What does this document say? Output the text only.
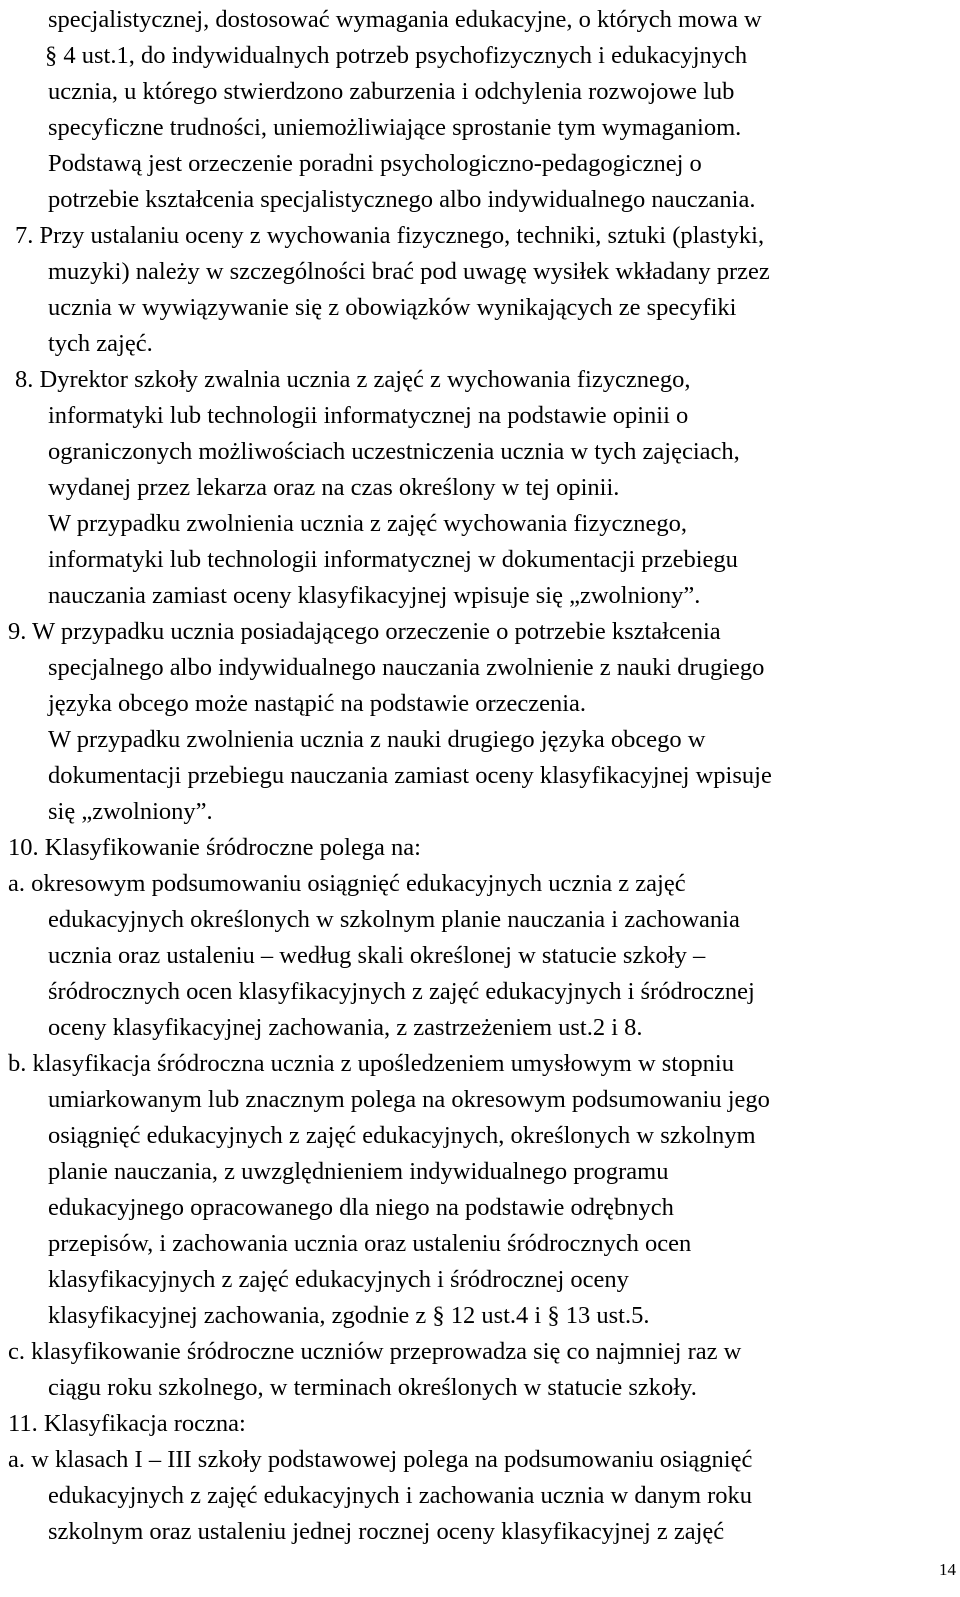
specjalistycznej, dostosować wymagania edukacyjne, o których mowa w
§ 4 ust.1, do indywidualnych potrzeb psychofizycznych i edukacyjnych
ucznia, u którego stwierdzono zaburzenia i odchylenia rozwojowe lub
specyficzne trudności, uniemożliwiające sprostanie tym wymaganiom.
Podstawą jest orzeczenie poradni psychologiczno-pedagogicznej o
potrzebie kształcenia specjalistycznego albo indywidualnego nauczania.
7. Przy ustalaniu oceny z wychowania fizycznego, techniki, sztuki (plastyki,
muzyki) należy w szczególności brać pod uwagę wysiłek wkładany przez
ucznia w wywiązywanie się z obowiązków wynikających ze specyfiki
tych zajęć.
8. Dyrektor szkoły zwalnia ucznia z zajęć z wychowania fizycznego,
informatyki lub technologii informatycznej na podstawie opinii o
ograniczonych możliwościach uczestniczenia ucznia w tych zajęciach,
wydanej przez lekarza oraz na czas określony w tej opinii.
W przypadku zwolnienia ucznia z zajęć wychowania fizycznego,
informatyki lub technologii informatycznej w dokumentacji przebiegu
nauczania zamiast oceny klasyfikacyjnej wpisuje się „zwolniony”.
9. W przypadku ucznia posiadającego orzeczenie o potrzebie kształcenia
specjalnego albo indywidualnego nauczania zwolnienie z nauki drugiego
języka obcego może nastąpić na podstawie orzeczenia.
W przypadku zwolnienia ucznia z nauki drugiego języka obcego w
dokumentacji przebiegu nauczania zamiast oceny klasyfikacyjnej wpisuje
się „zwolniony”.
10. Klasyfikowanie śródroczne polega na:
a. okresowym podsumowaniu osiągnięć edukacyjnych ucznia z zajęć
edukacyjnych określonych w szkolnym planie nauczania i zachowania
ucznia oraz ustaleniu – według skali określonej w statucie szkoły –
śródrocznych ocen klasyfikacyjnych z zajęć edukacyjnych i śródrocznej
oceny klasyfikacyjnej zachowania, z zastrzeżeniem ust.2 i 8.
b. klasyfikacja śródroczna ucznia z upośledzeniem umysłowym w stopniu
umiarkowanym lub znacznym polega na okresowym podsumowaniu jego
osiągnięć edukacyjnych z zajęć edukacyjnych, określonych w szkolnym
planie nauczania, z uwzględnieniem indywidualnego programu
edukacyjnego opracowanego dla niego na podstawie odrębnych
przepisów, i zachowania ucznia oraz ustaleniu śródrocznych ocen
klasyfikacyjnych z zajęć edukacyjnych i śródrocznej oceny
klasyfikacyjnej zachowania, zgodnie z § 12 ust.4 i § 13 ust.5.
c. klasyfikowanie śródroczne uczniów przeprowadza się co najmniej raz w
ciągu roku szkolnego, w terminach określonych w statucie szkoły.
11. Klasyfikacja roczna:
a. w klasach I – III szkoły podstawowej polega na podsumowaniu osiągnięć
edukacyjnych z zajęć edukacyjnych i zachowania ucznia w danym roku
szkolnym oraz ustaleniu jednej rocznej oceny klasyfikacyjnej z zajęć
14
